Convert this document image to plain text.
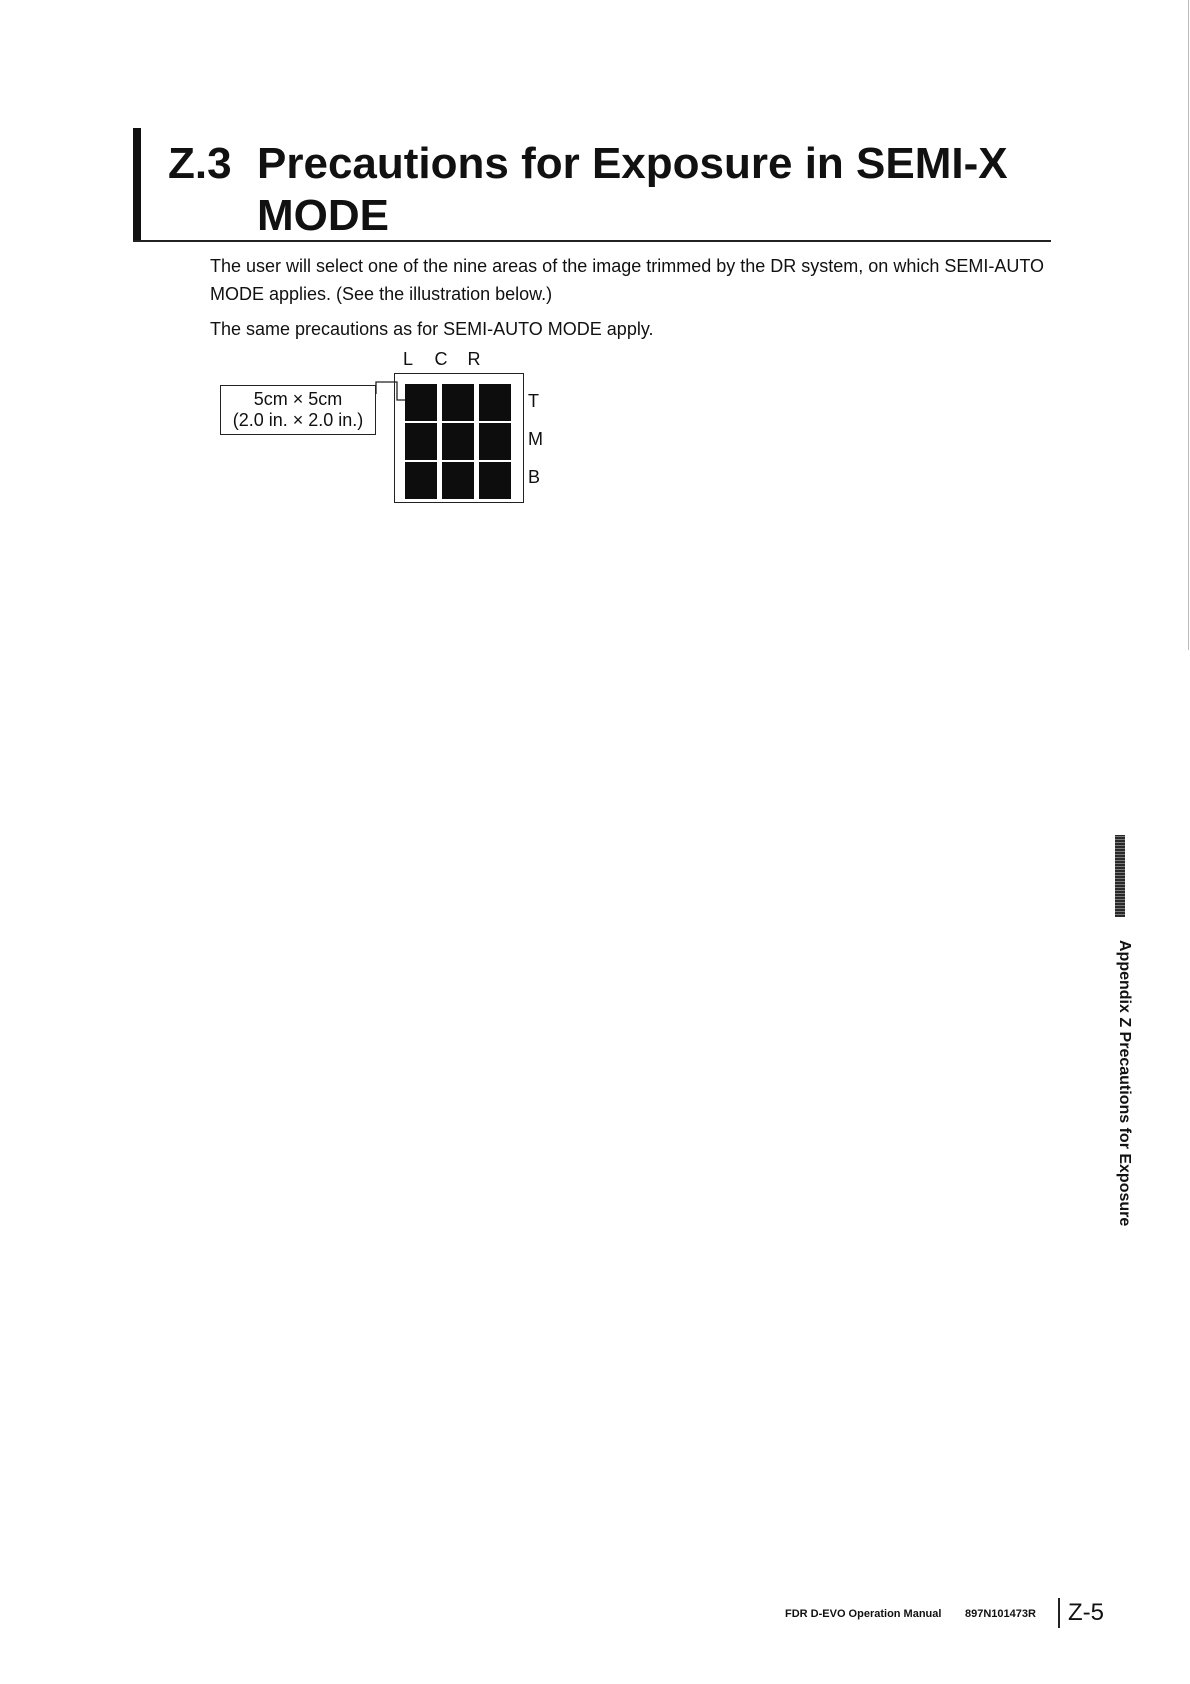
Z.3 Precautions for Exposure in SEMI-X MODE

The user will select one of the nine areas of the image trimmed by the DR system, on which SEMI-AUTO MODE applies. (See the illustration below.)

The same precautions as for SEMI-AUTO MODE apply.

L C R
5cm × 5cm
(2.0 in. × 2.0 in.)
T
M
B
Appendix Z Precautions for Exposure
FDR D-EVO Operation Manual 897N101473R Z-5
